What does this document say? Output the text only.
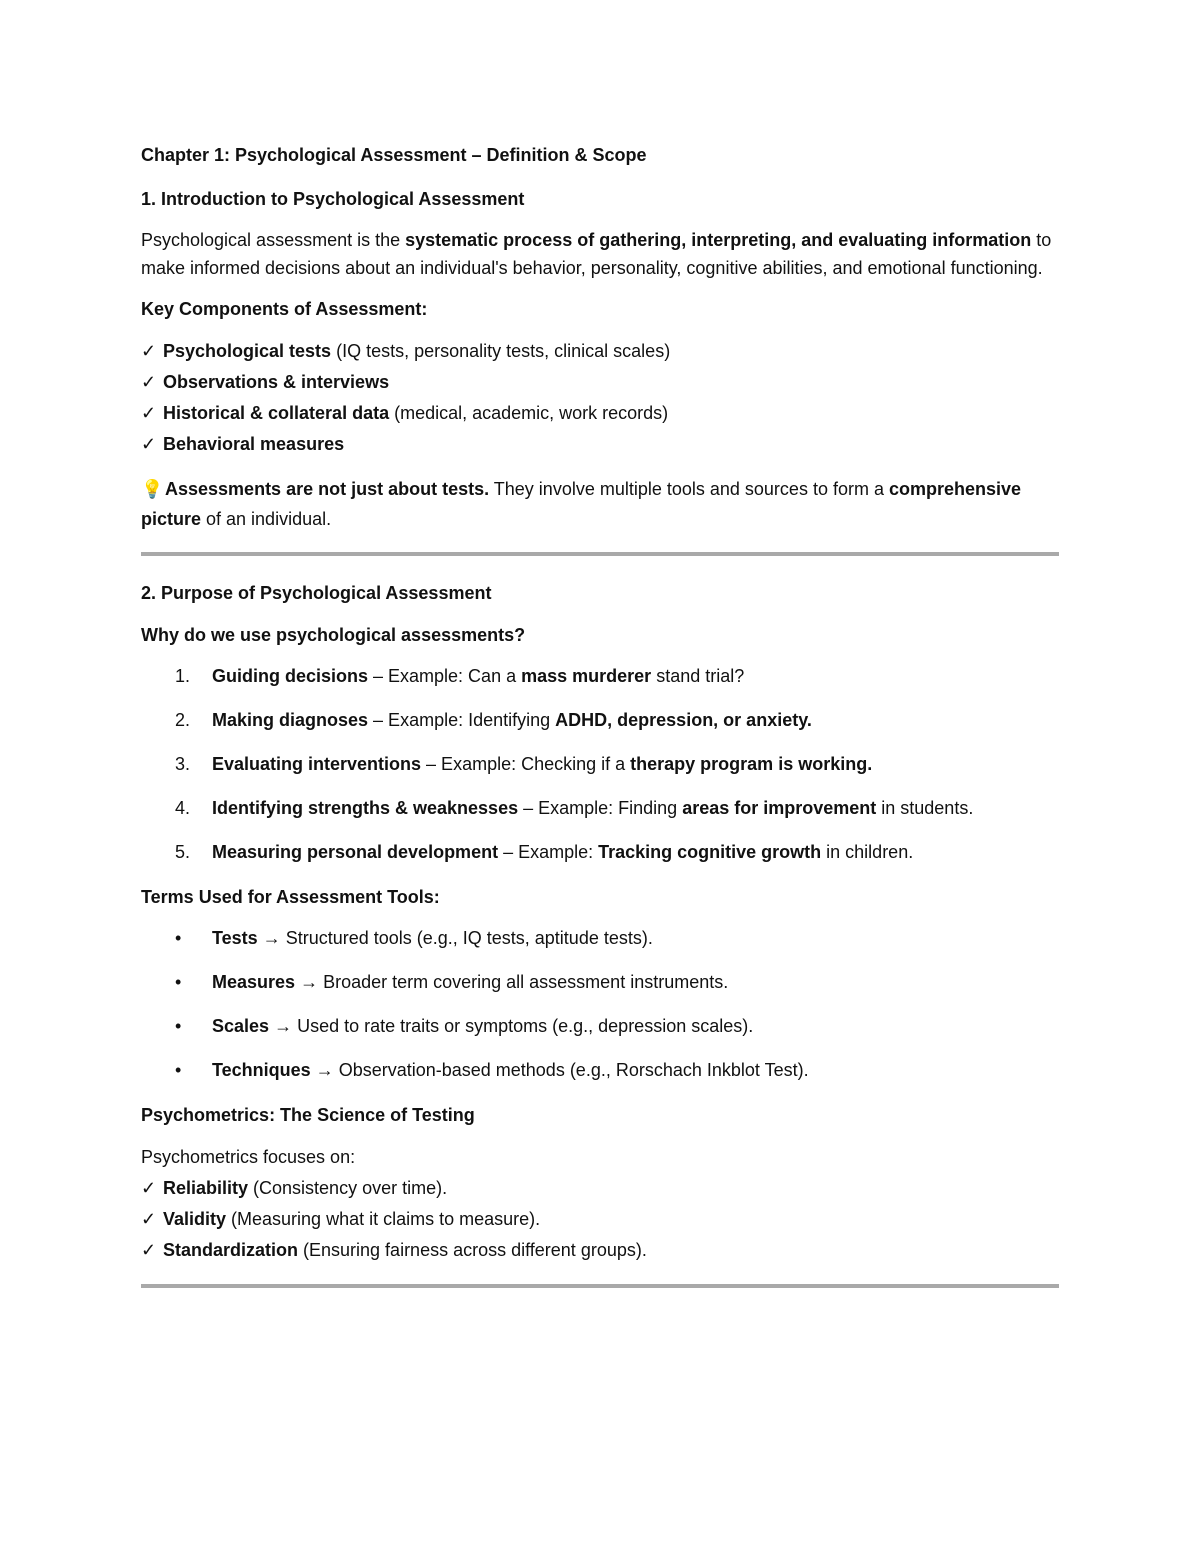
Chapter 1: Psychological Assessment – Definition & Scope
1. Introduction to Psychological Assessment

Psychological assessment is the systematic process of gathering, interpreting, and evaluating information to make informed decisions about an individual's behavior, personality, cognitive abilities, and emotional functioning.

Key Components of Assessment:
✓ Psychological tests (IQ tests, personality tests, clinical scales)
✓ Observations & interviews
✓ Historical & collateral data (medical, academic, work records)
✓ Behavioral measures

💡Assessments are not just about tests. They involve multiple tools and sources to form a comprehensive picture of an individual.

2. Purpose of Psychological Assessment
Why do we use psychological assessments?
1. Guiding decisions – Example: Can a mass murderer stand trial?
2. Making diagnoses – Example: Identifying ADHD, depression, or anxiety.
3. Evaluating interventions – Example: Checking if a therapy program is working.
4. Identifying strengths & weaknesses – Example: Finding areas for improvement in students.
5. Measuring personal development – Example: Tracking cognitive growth in children.
Terms Used for Assessment Tools:
• Tests → Structured tools (e.g., IQ tests, aptitude tests).
• Measures → Broader term covering all assessment instruments.
• Scales → Used to rate traits or symptoms (e.g., depression scales).
• Techniques → Observation-based methods (e.g., Rorschach Inkblot Test).
Psychometrics: The Science of Testing

Psychometrics focuses on:

✓ Reliability (Consistency over time).

✓ Validity (Measuring what it claims to measure).

✓ Standardization (Ensuring fairness across different groups).
